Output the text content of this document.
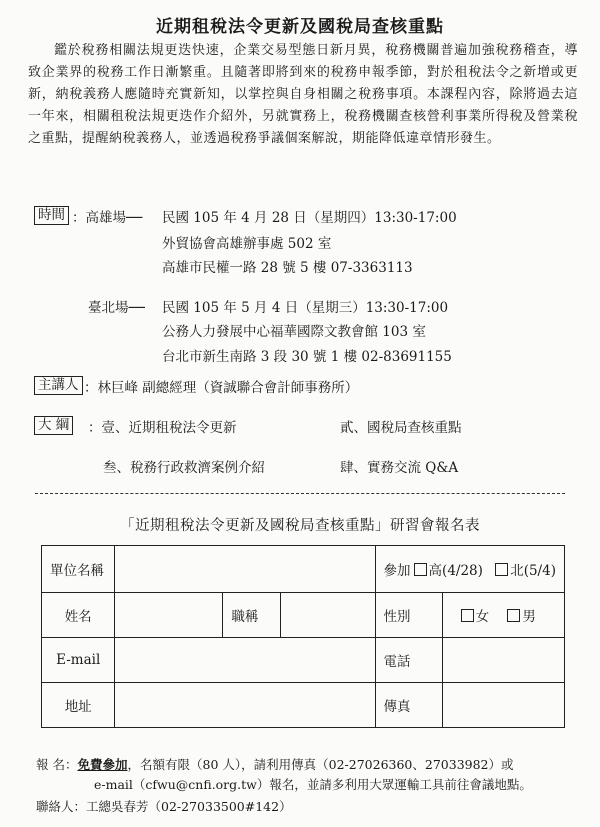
近期租稅法令更新及國稅局查核重點
鑑於稅務相關法規更迭快速，企業交易型態日新月異，稅務機關普遍加強稅務稽查，導致企業界的稅務工作日漸繁重。且隨著即將到來的稅務申報季節，對於租稅法令之新增或更新，納稅義務人應隨時充實新知，以掌控與自身相關之稅務事項。本課程內容，除將過去這一年來，相關租稅法規更迭作介紹外，另就實務上，稅務機關查核營利事業所得稅及營業稅之重點，提醒納稅義務人，並透過稅務爭議個案解說，期能降低違章情形發生。
時間 ：高雄場── 民國 105 年 4 月 28 日（星期四）13:30-17:00
外貿協會高雄辦事處 502 室
高雄市民權一路 28 號 5 樓 07-3363113
臺北場── 民國 105 年 5 月 4 日（星期三）13:30-17:00
公務人力發展中心福華國際文教會館 103 室
台北市新生南路 3 段 30 號 1 樓 02-83691155
主講人 ：林巨峰 副總經理（資誠聯合會計師事務所）
大 綱 ：壹、近期租稅法令更新	貳、國稅局查核重點
叁、稅務行政救濟案例介紹	肆、實務交流 Q&A
「近期租稅法令更新及國稅局查核重點」研習會報名表
單位名稱				參加 高(4/28) 北(5/4)	
姓名		職稱		性別	女 男
E-mail				電話	
地址				傳真	
報 名：免費參加，名額有限（80 人），請利用傳真（02-27026360、27033982）或
e-mail（cfwu@cnfi.org.tw）報名，並請多利用大眾運輸工具前往會議地點。
聯絡人：工總吳春芳（02-27033500#142）
